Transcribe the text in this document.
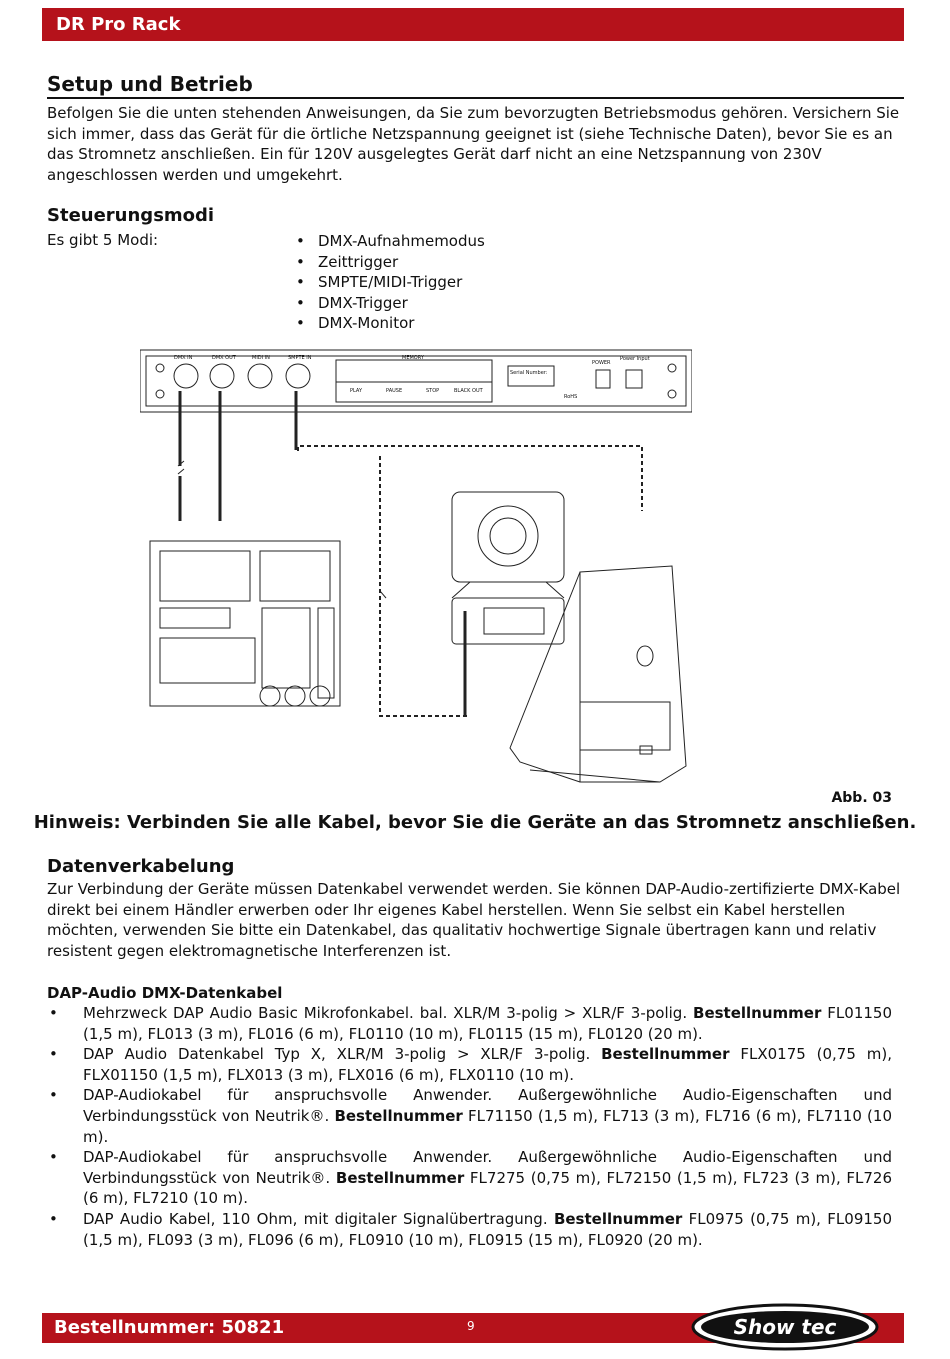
DR Pro Rack
Setup und Betrieb

Befolgen Sie die unten stehenden Anweisungen, da Sie zum bevorzugten Betriebsmodus gehören. Versichern Sie sich immer, dass das Gerät für die örtliche Netzspannung geeignet ist (siehe Technische Daten), bevor Sie es an das Stromnetz anschließen. Ein für 120V ausgelegtes Gerät darf nicht an eine Netzspannung von 230V angeschlossen werden und umgekehrt.

Steuerungsmodi
Es gibt 5 Modi:
•	DMX-Aufnahmemodus
• Zeittrigger
• SMPTE/MIDI-Trigger
• DMX-Trigger
• DMX-Monitor
DMX IN	DMX OUT	MIDI IN	SMPTE IN	MEMORY
PLAY	PAUSE	STOP	BLACK OUT
Serial Number:
POWER
Power Input
RoHS
Abb. 03
Hinweis: Verbinden Sie alle Kabel, bevor Sie die Geräte an das Stromnetz anschließen.
Datenverkabelung

Zur Verbindung der Geräte müssen Datenkabel verwendet werden. Sie können DAP-Audio-zertifizierte DMX-Kabel direkt bei einem Händler erwerben oder Ihr eigenes Kabel herstellen. Wenn Sie selbst ein Kabel herstellen möchten, verwenden Sie bitte ein Datenkabel, das qualitativ hochwertige Signale übertragen kann und relativ resistent gegen elektromagnetische Interferenzen ist.

DAP-Audio DMX-Datenkabel
• Mehrzweck DAP Audio Basic Mikrofonkabel. bal. XLR/M 3-polig > XLR/F 3-polig. Bestellnummer FL01150 (1,5 m), FL013 (3 m), FL016 (6 m), FL0110 (10 m), FL0115 (15 m), FL0120 (20 m).
• DAP Audio Datenkabel Typ X, XLR/M 3-polig > XLR/F 3-polig. Bestellnummer FLX0175 (0,75 m), FLX01150 (1,5 m), FLX013 (3 m), FLX016 (6 m), FLX0110 (10 m).
• DAP-Audiokabel für anspruchsvolle Anwender. Außergewöhnliche Audio-Eigenschaften und Verbindungsstück von Neutrik®. Bestellnummer FL71150 (1,5 m), FL713 (3 m), FL716 (6 m), FL7110 (10 m).
• DAP-Audiokabel für anspruchsvolle Anwender. Außergewöhnliche Audio-Eigenschaften und Verbindungsstück von Neutrik®. Bestellnummer FL7275 (0,75 m), FL72150 (1,5 m), FL723 (3 m), FL726 (6 m), FL7210 (10 m).
• DAP Audio Kabel, 110 Ohm, mit digitaler Signalübertragung. Bestellnummer FL0975 (0,75 m), FL09150 (1,5 m), FL093 (3 m), FL096 (6 m), FL0910 (10 m), FL0915 (15 m), FL0920 (20 m).
Bestellnummer: 50821	9	Show tec
